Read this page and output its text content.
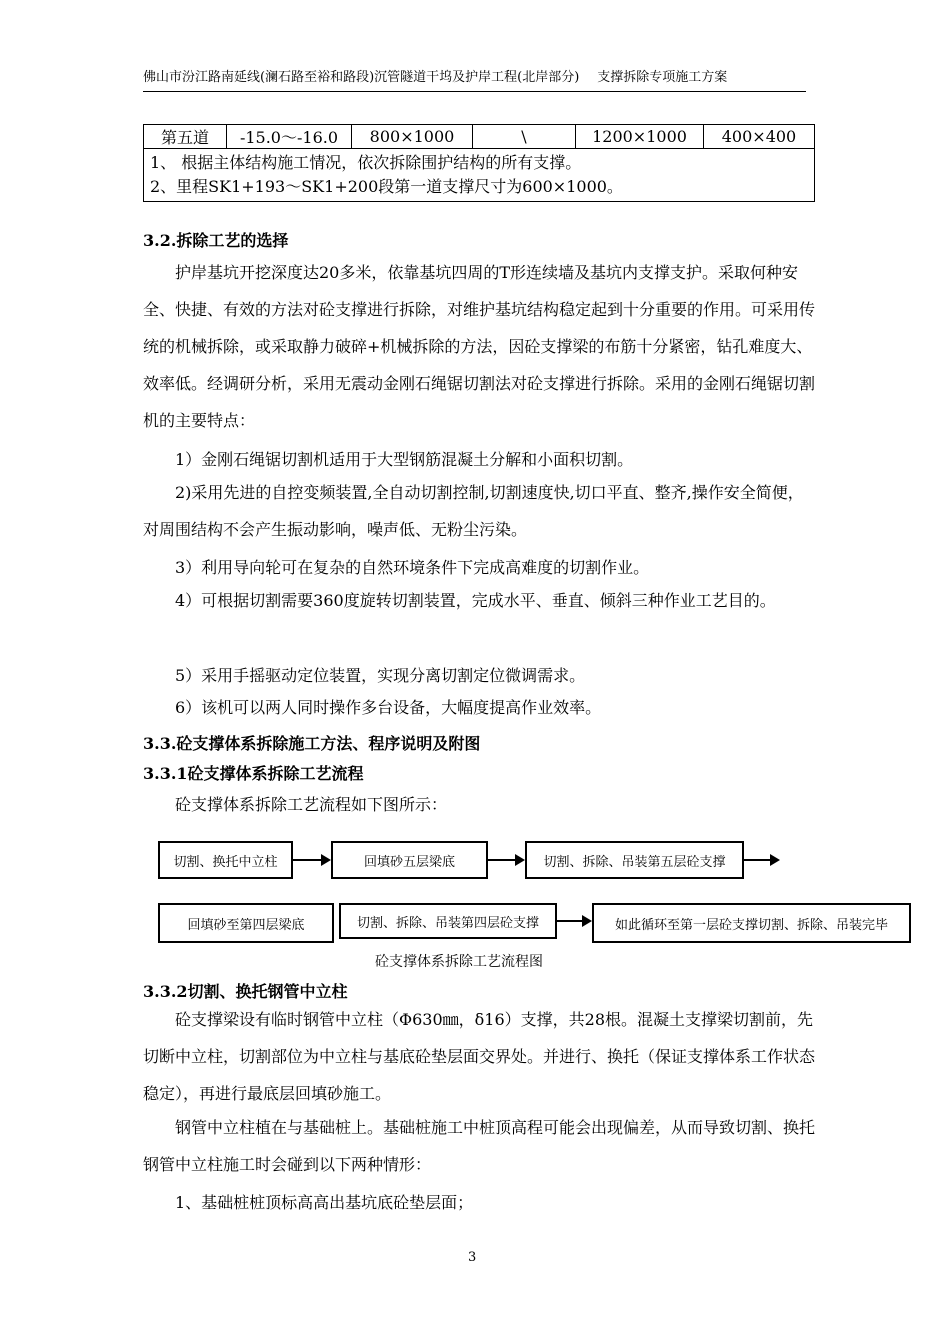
佛山市汾江路南延线(澜石路至裕和路段)沉管隧道干坞及护岸工程(北岸部分) 支撑拆除专项施工方案
第五道	-15.0～-16.0	800×1000	\	1200×1000	400×400

1、 根据主体结构施工情况，依次拆除围护结构的所有支撑。
2、里程SK1+193～SK1+200段第一道支撑尺寸为600×1000。
3.2.拆除工艺的选择
护岸基坑开挖深度达20多米，依靠基坑四周的T形连续墙及基坑内支撑支护。采取何种安全、快捷、有效的方法对砼支撑进行拆除，对维护基坑结构稳定起到十分重要的作用。可采用传统的机械拆除，或采取静力破碎+机械拆除的方法，因砼支撑梁的布筋十分紧密，钻孔难度大、效率低。经调研分析，采用无震动金刚石绳锯切割法对砼支撑进行拆除。采用的金刚石绳锯切割机的主要特点：
1）金刚石绳锯切割机适用于大型钢筋混凝土分解和小面积切割。
2)采用先进的自控变频装置,全自动切割控制,切割速度快,切口平直、整齐,操作安全简便，对周围结构不会产生振动影响，噪声低、无粉尘污染。
3）利用导向轮可在复杂的自然环境条件下完成高难度的切割作业。
4）可根据切割需要360度旋转切割装置，完成水平、垂直、倾斜三种作业工艺目的。
5）采用手摇驱动定位装置，实现分离切割定位微调需求。
6）该机可以两人同时操作多台设备，大幅度提高作业效率。
3.3.砼支撑体系拆除施工方法、程序说明及附图
3.3.1砼支撑体系拆除工艺流程
砼支撑体系拆除工艺流程如下图所示：
切割、换托中立柱	回填砂五层梁底	切割、拆除、吊装第五层砼支撑
回填砂至第四层梁底	切割、拆除、吊装第四层砼支撑	如此循环至第一层砼支撑切割、拆除、吊装完毕
砼支撑体系拆除工艺流程图
3.3.2切割、换托钢管中立柱
砼支撑梁设有临时钢管中立柱（Φ630㎜，δ16）支撑，共28根。混凝土支撑梁切割前，先切断中立柱，切割部位为中立柱与基底砼垫层面交界处。并进行、换托（保证支撑体系工作状态稳定），再进行最底层回填砂施工。
钢管中立柱植在与基础桩上。基础桩施工中桩顶高程可能会出现偏差，从而导致切割、换托钢管中立柱施工时会碰到以下两种情形：
1、基础桩桩顶标高高出基坑底砼垫层面；
3
